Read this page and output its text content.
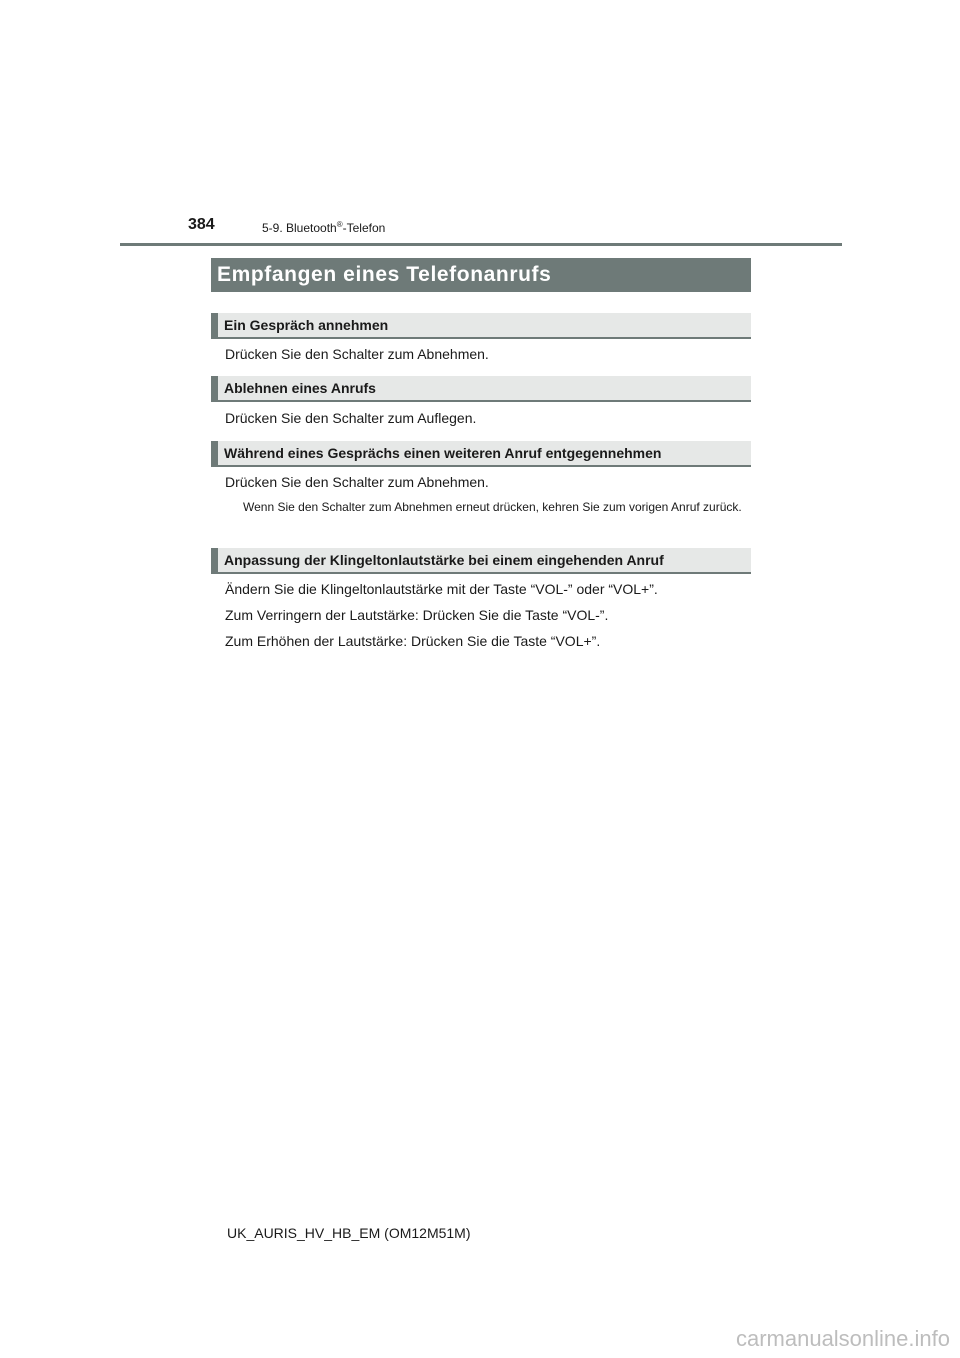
384	5-9. Bluetooth®-Telefon
Empfangen eines Telefonanrufs
Ein Gespräch annehmen
Drücken Sie den Schalter zum Abnehmen.
Ablehnen eines Anrufs
Drücken Sie den Schalter zum Auflegen.
Während eines Gesprächs einen weiteren Anruf entgegennehmen
Drücken Sie den Schalter zum Abnehmen.
Wenn Sie den Schalter zum Abnehmen erneut drücken, kehren Sie zum vorigen Anruf zurück.
Anpassung der Klingeltonlautstärke bei einem eingehenden Anruf
Ändern Sie die Klingeltonlautstärke mit der Taste “VOL-” oder “VOL+”.
Zum Verringern der Lautstärke: Drücken Sie die Taste “VOL-”.
Zum Erhöhen der Lautstärke: Drücken Sie die Taste “VOL+”.
UK_AURIS_HV_HB_EM (OM12M51M)
carmanualsonline.info
